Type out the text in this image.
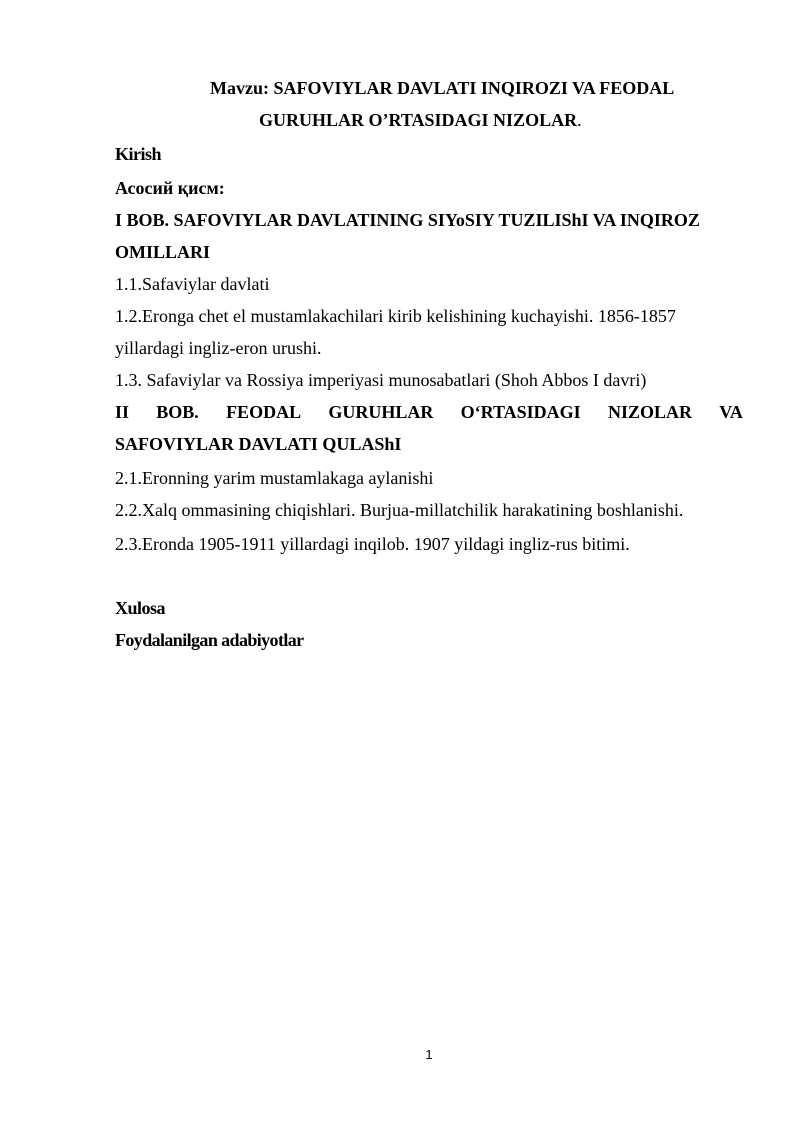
Mavzu: SAFOVIYLAR DAVLATI INQIROZI VA FEODAL
GURUHLAR O’RTASIDAGI NIZOLAR.
Kirish
Асосий қисм:
I BOB. SAFOVIYLAR DAVLATINING SIYoSIY TUZILIShI VA INQIROZ
OMILLARI
1.1.Safaviylar davlati
1.2.Eronga chet el mustamlakachilari kirib kelishining kuchayishi. 1856-1857
yillardagi ingliz-eron urushi.
1.3. Safaviylar va Rossiya imperiyasi munosabatlari (Shoh Abbos I davri)
II BOB. FEODAL GURUHLAR O‘RTASIDAGI NIZOLAR VA
SAFOVIYLAR DAVLATI QULAShI
2.1.Eronning yarim mustamlakaga aylanishi
2.2.Xalq ommasining chiqishlari. Burjua-millatchilik harakatining boshlanishi.
2.3.Eronda 1905-1911 yillardagi inqilob. 1907 yildagi ingliz-rus bitimi.
Xulosa
Foydalanilgan adabiyotlar
1
